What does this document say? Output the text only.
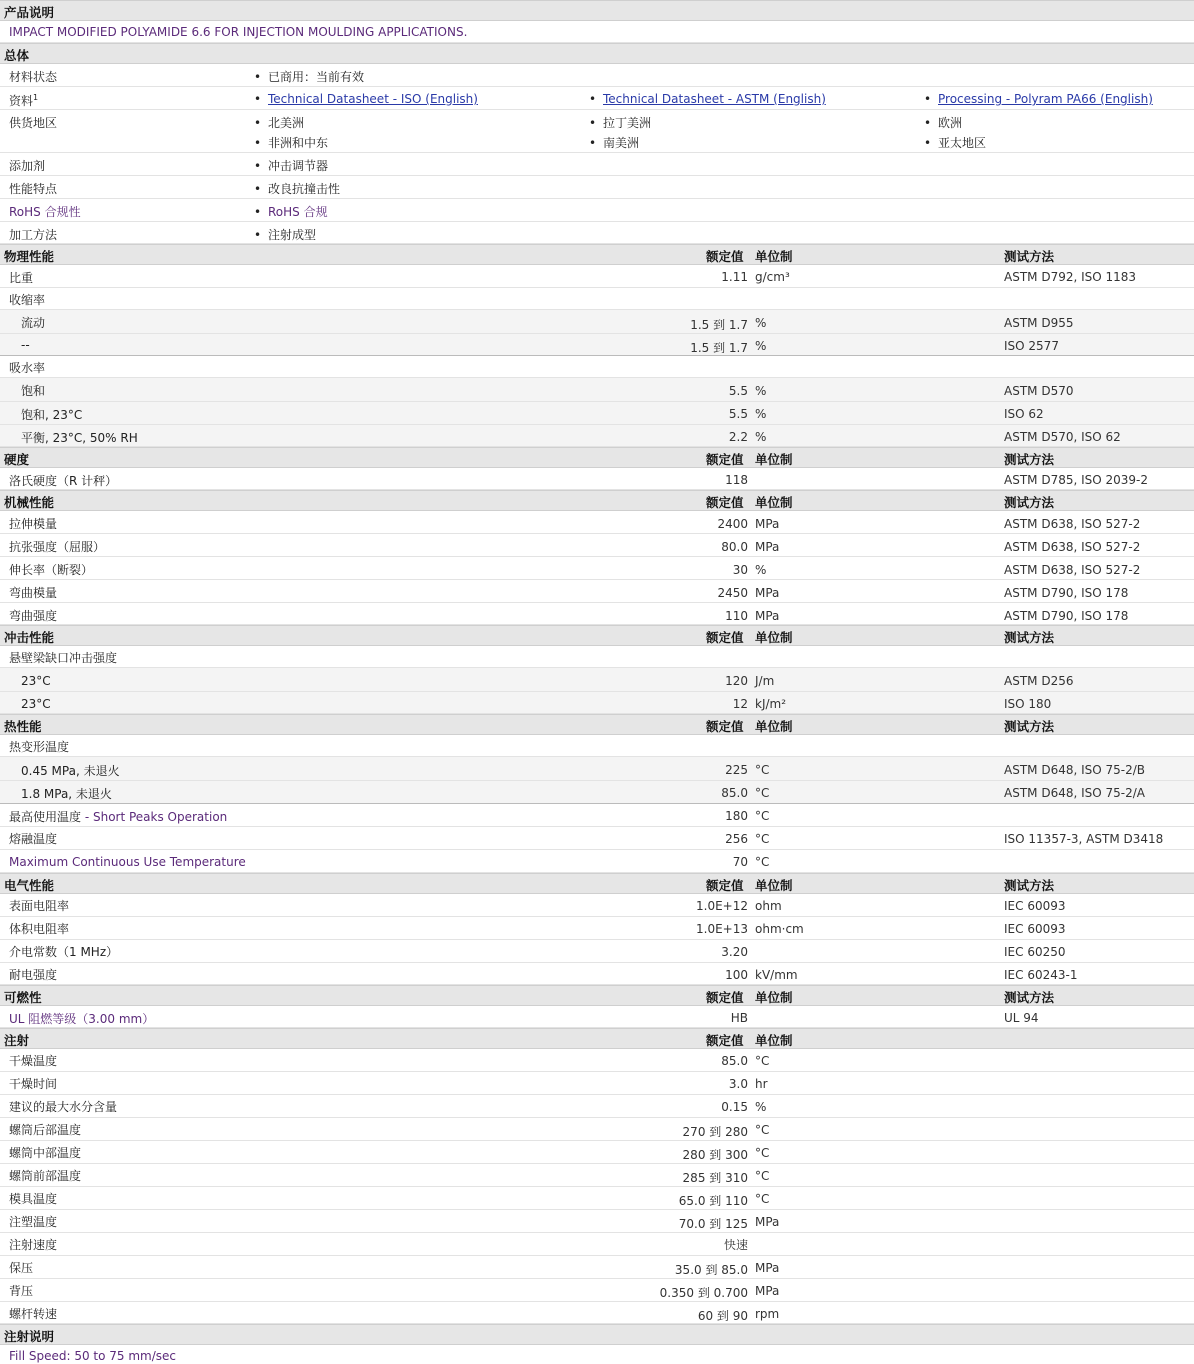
产品说明
IMPACT MODIFIED POLYAMIDE 6.6 FOR INJECTION MOULDING APPLICATIONS.
总体
材料状态	• 已商用：当前有效
资料$^1$	• Technical Datasheet - ISO (English)	• Technical Datasheet - ASTM (English)	• Processing - Polyram PA66 (English)
供货地区	• 北美洲	• 拉丁美洲	• 欧洲
• 非洲和中东	• 南美洲	• 亚太地区
添加剂	• 冲击调节器
性能特点	• 改良抗撞击性
RoHS 合规性	• RoHS 合规
加工方法	• 注射成型
物理性能	额定值 单位制	测试方法
比重	1.11 g/cm³	ASTM D792, ISO 1183
收缩率
流动	1.5 到 1.7 %	ASTM D955
--	1.5 到 1.7 %	ISO 2577
吸水率
饱和	5.5 %	ASTM D570
饱和, 23°C	5.5 %	ISO 62
平衡, 23°C, 50% RH	2.2 %	ASTM D570, ISO 62
硬度	额定值 单位制	测试方法
洛氏硬度（R 计秤）	118	ASTM D785, ISO 2039-2
机械性能	额定值 单位制	测试方法
拉伸模量	2400 MPa	ASTM D638, ISO 527-2
抗张强度（屈服）	80.0 MPa	ASTM D638, ISO 527-2
伸长率（断裂）	30 %	ASTM D638, ISO 527-2
弯曲模量	2450 MPa	ASTM D790, ISO 178
弯曲强度	110 MPa	ASTM D790, ISO 178
冲击性能	额定值 单位制	测试方法
悬壁梁缺口冲击强度
23°C	120 J/m	ASTM D256
23°C	12 kJ/m²	ISO 180
热性能	额定值 单位制	测试方法
热变形温度
0.45 MPa, 未退火	225 °C	ASTM D648, ISO 75-2/B
1.8 MPa, 未退火	85.0 °C	ASTM D648, ISO 75-2/A
最高使用温度 - Short Peaks Operation	180 °C
熔融温度	256 °C	ISO 11357-3, ASTM D3418
Maximum Continuous Use Temperature	70 °C
电气性能	额定值 单位制	测试方法
表面电阻率	1.0E+12 ohm	IEC 60093
体积电阻率	1.0E+13 ohm·cm	IEC 60093
介电常数（1 MHz）	3.20	IEC 60250
耐电强度	100 kV/mm	IEC 60243-1
可燃性	额定值 单位制	测试方法
UL 阻燃等级（3.00 mm）	HB	UL 94
注射	额定值 单位制
干燥温度	85.0 °C
干燥时间	3.0 hr
建议的最大水分含量	0.15 %
螺筒后部温度	270 到 280 °C
螺筒中部温度	280 到 300 °C
螺筒前部温度	285 到 310 °C
模具温度	65.0 到 110 °C
注塑温度	70.0 到 125 MPa
注射速度	快速
保压	35.0 到 85.0 MPa
背压	0.350 到 0.700 MPa
螺杆转速	60 到 90 rpm
注射说明
Fill Speed: 50 to 75 mm/sec
